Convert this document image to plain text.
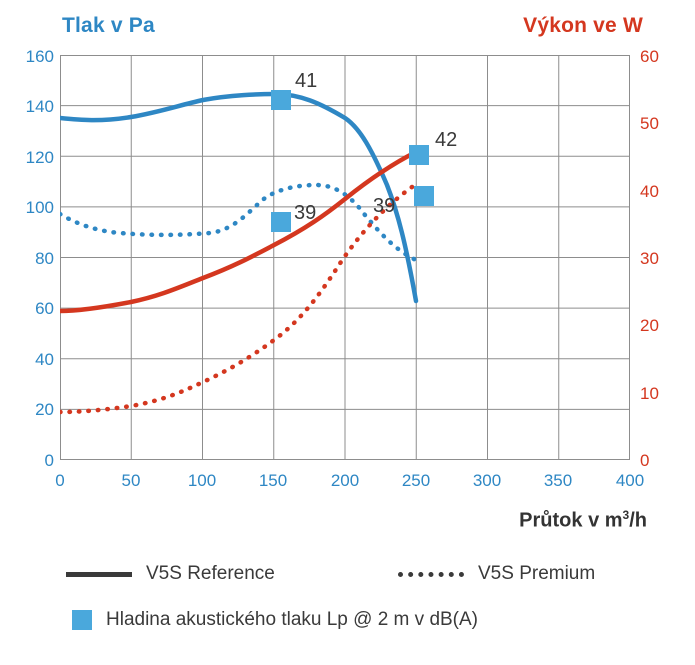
Tlak v Pa	Výkon ve W
160
140
120
100
80
60
40
20
0
60
50
40
30
20
10
0
0	50	100	150	200	250	300	350	400
41
39
42
39
Průtok v $m^3/h$
V5S Reference	V5S Premium
Hladina akustického tlaku Lp @ 2 m v dB(A)
